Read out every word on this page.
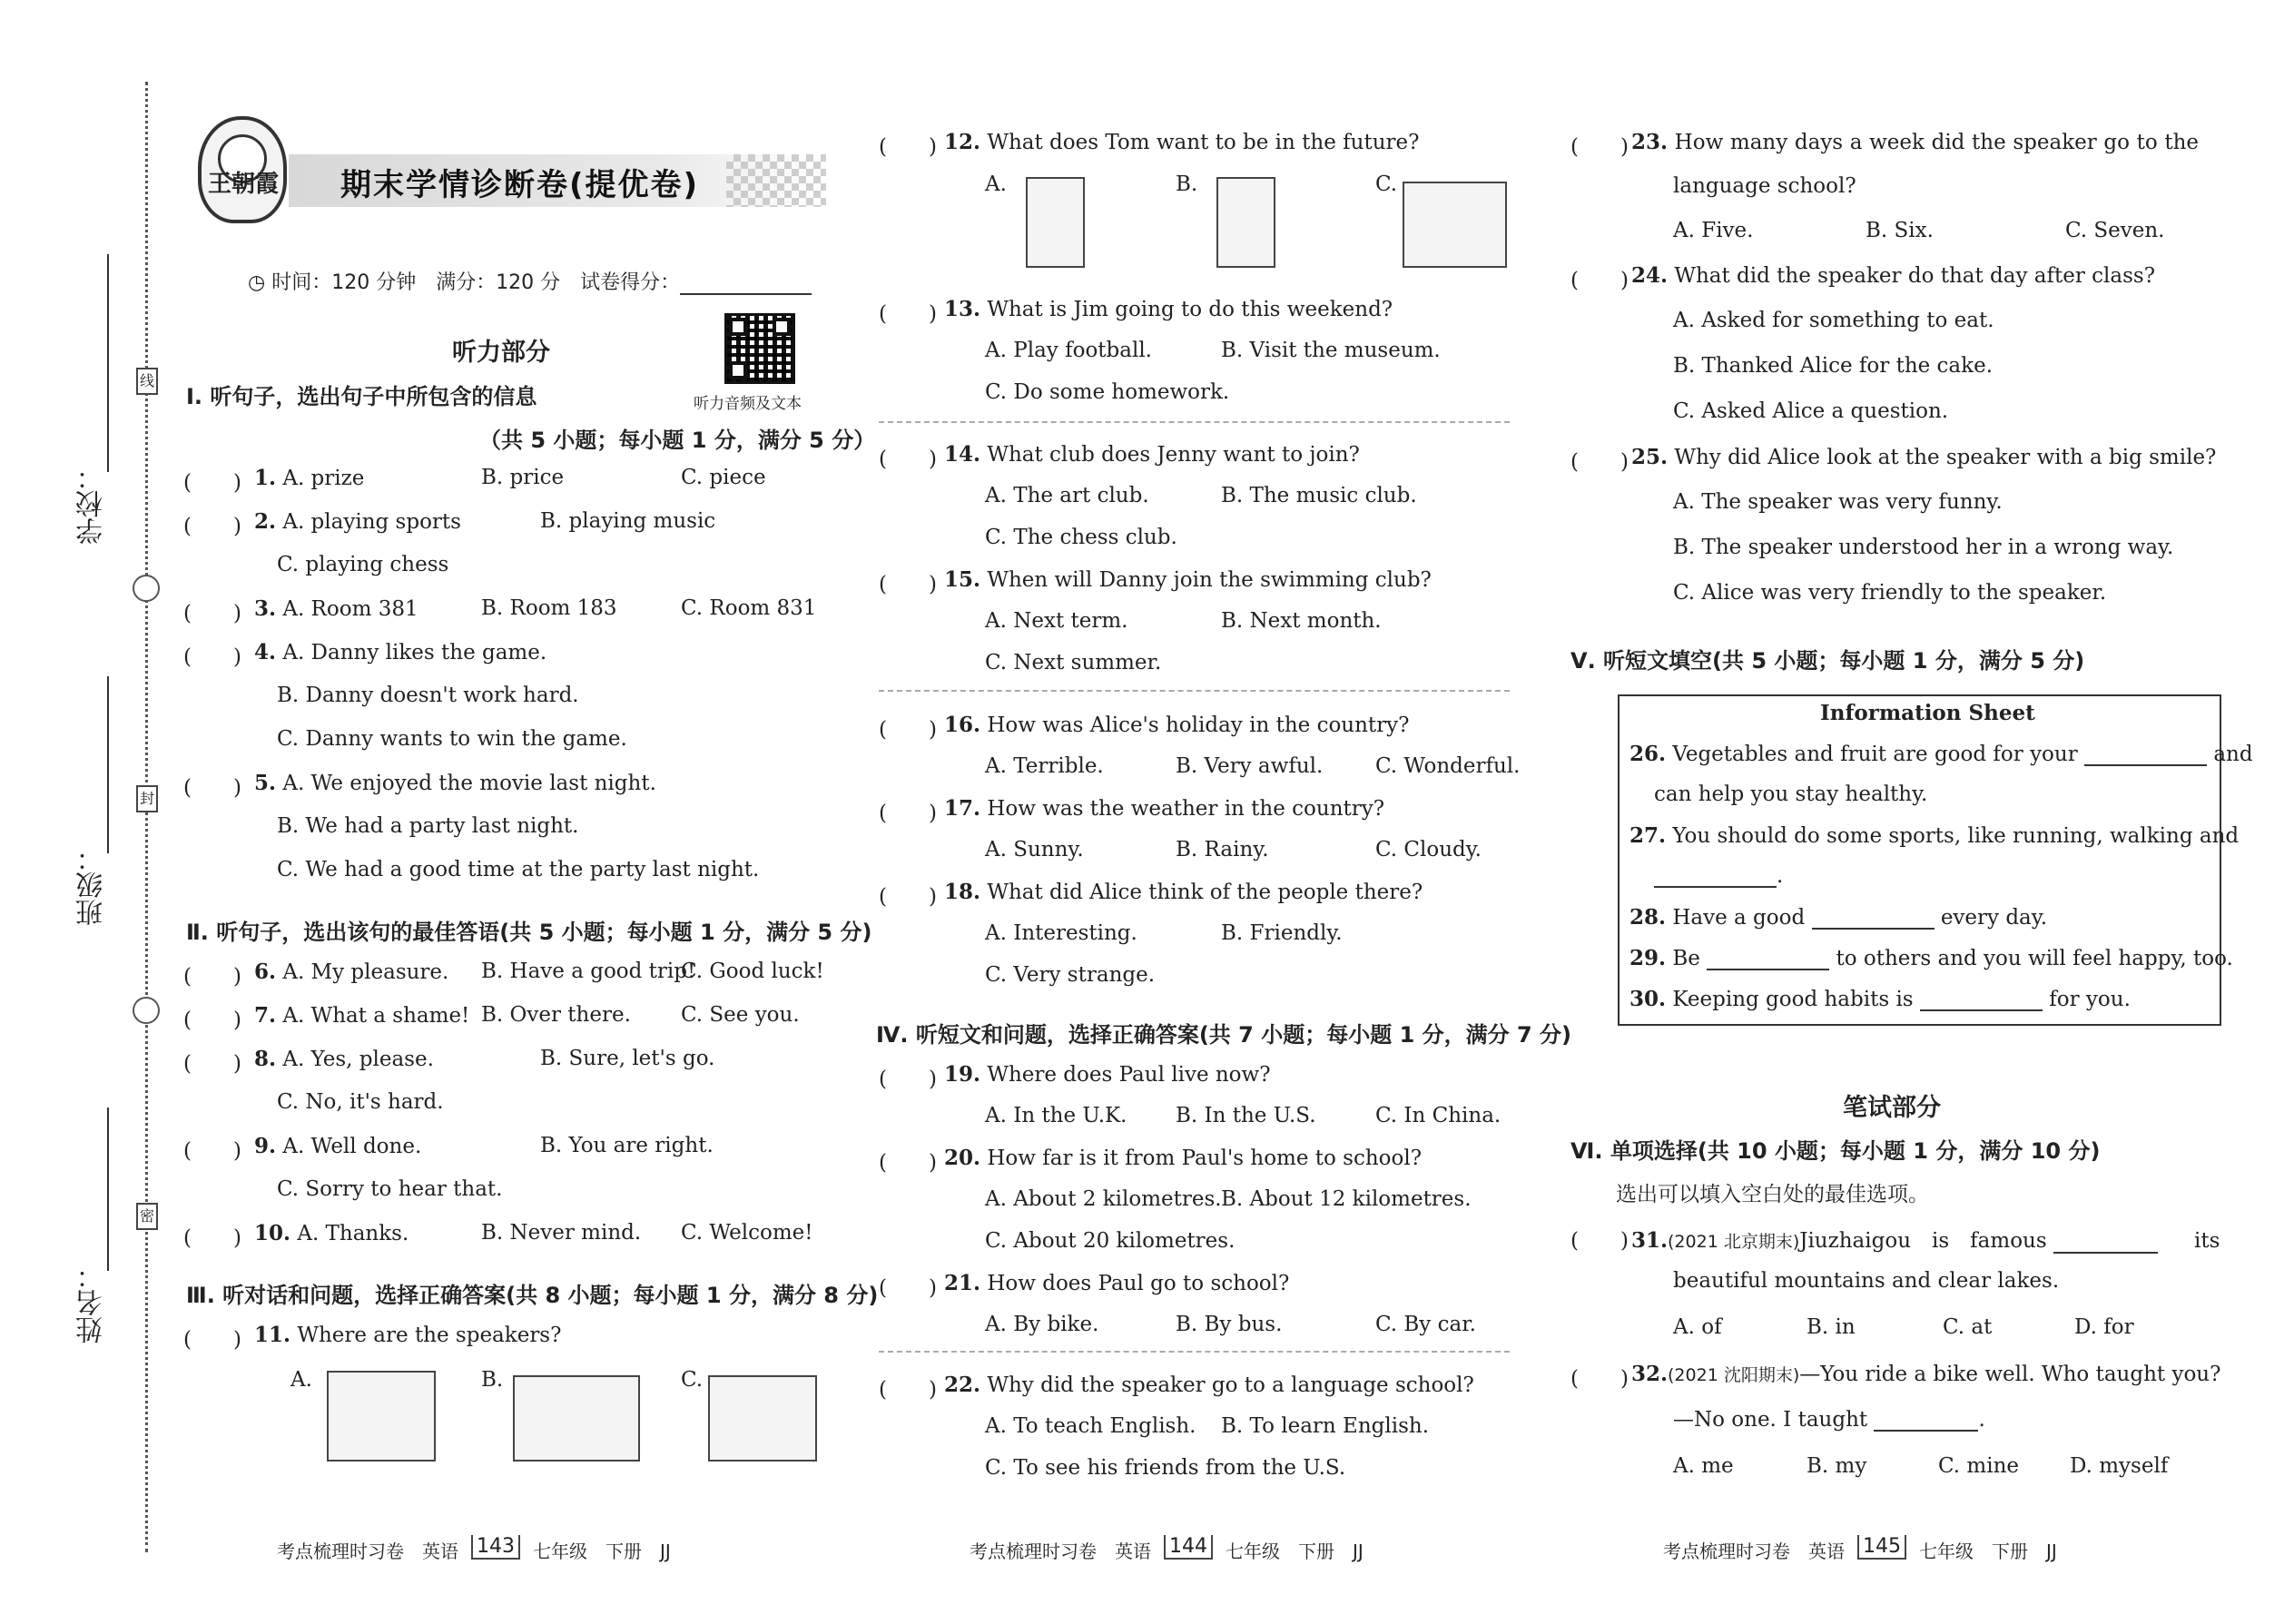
学校：
班级：
姓名：
线
封
密
王朝霞 期末学情诊断卷(提优卷)
◷ 时间：120 分钟　满分：120 分　试卷得分：
听力音频及文本
听力部分
Ⅰ. 听句子，选出句子中所包含的信息
（共 5 小题；每小题 1 分，满分 5 分）
(　　) 1. A. prize	B. price	C. piece
(　　) 2. A. playing sports	B. playing music
C. playing chess
(　　) 3. A. Room 381	B. Room 183	C. Room 831
(　　) 4. A. Danny likes the game.
B. Danny doesn't work hard.
C. Danny wants to win the game.
(　　) 5. A. We enjoyed the movie last night.
B. We had a party last night.
C. We had a good time at the party last night.
Ⅱ. 听句子，选出该句的最佳答语(共 5 小题；每小题 1 分，满分 5 分)
(　　) 6. A. My pleasure. B. Have a good trip!
C. Good luck!
(　　) 7. A. What a shame! B. Over there. C. See you.
(　　) 8. A. Yes, please.	B. Sure, let's go.
C. No, it's hard.
(　　) 9. A. Well done.	B. You are right.
C. Sorry to hear that.
(　　) 10. A. Thanks.	B. Never mind. C. Welcome!
Ⅲ. 听对话和问题，选择正确答案(共 8 小题；每小题 1 分，满分 8 分)
(　　) 11. Where are the speakers?
A.	B.	C.
(　　) 12. What does Tom want to be in the future?
A.	B.	C.
(　　) 13. What is Jim going to do this weekend?
A. Play football.	B. Visit the museum.
C. Do some homework.
(　　) 14. What club does Jenny want to join?
A. The art club.	B. The music club.
C. The chess club.
(　　) 15. When will Danny join the swimming club?
A. Next term.	B. Next month.
C. Next summer.
(　　) 16. How was Alice's holiday in the country?
A. Terrible.	B. Very awful.	C. Wonderful.
(　　) 17. How was the weather in the country?
A. Sunny.	B. Rainy.	C. Cloudy.
(　　) 18. What did Alice think of the people there?
A. Interesting.	B. Friendly.
C. Very strange.
Ⅳ. 听短文和问题，选择正确答案(共 7 小题；每小题 1 分，满分 7 分)
(　　) 19. Where does Paul live now?
A. In the U.K. B. In the U.S.	C. In China.
(　　) 20. How far is it from Paul's home to school?
A. About 2 kilometres. B. About 12 kilometres.
C. About 20 kilometres.
(　　) 21. How does Paul go to school?
A. By bike.	B. By bus.	C. By car.
(　　) 22. Why did the speaker go to a language school?
A. To teach English. B. To learn English.
C. To see his friends from the U.S.
(　　) 23. How many days a week did the speaker go to the
language school?
A. Five.	B. Six.	C. Seven.
(　　) 24. What did the speaker do that day after class?
A. Asked for something to eat.
B. Thanked Alice for the cake.
C. Asked Alice a question.
(　　) 25. Why did Alice look at the speaker with a big smile?
A. The speaker was very funny.
B. The speaker understood her in a wrong way.
C. Alice was very friendly to the speaker.
Ⅴ. 听短文填空(共 5 小题；每小题 1 分，满分 5 分)
Information Sheet
26. Vegetables and fruit are good for your	and
can help you stay healthy.
27. You should do some sports, like running, walking and
.
28. Have a good	every day.
29. Be	to others and you will feel happy, too.
30. Keeping good habits is	for you.
笔试部分
Ⅵ. 单项选择(共 10 小题；每小题 1 分，满分 10 分)
选出可以填入空白处的最佳选项。
(　　) 31.(2021 北京期末)Jiuzhaigou　is　famous	its
beautiful mountains and clear lakes.
A. of	B. in	C. at	D. for
(　　) 32.(2021 沈阳期末)—You ride a bike well. Who taught you?
—No one. I taught	.
A. me	B. my	C. mine D. myself
考点梳理时习卷　英语 143 七年级　下册　JJ	考点梳理时习卷　英语 144 七年级　下册　JJ	考点梳理时习卷　英语 145 七年级　下册　JJ
